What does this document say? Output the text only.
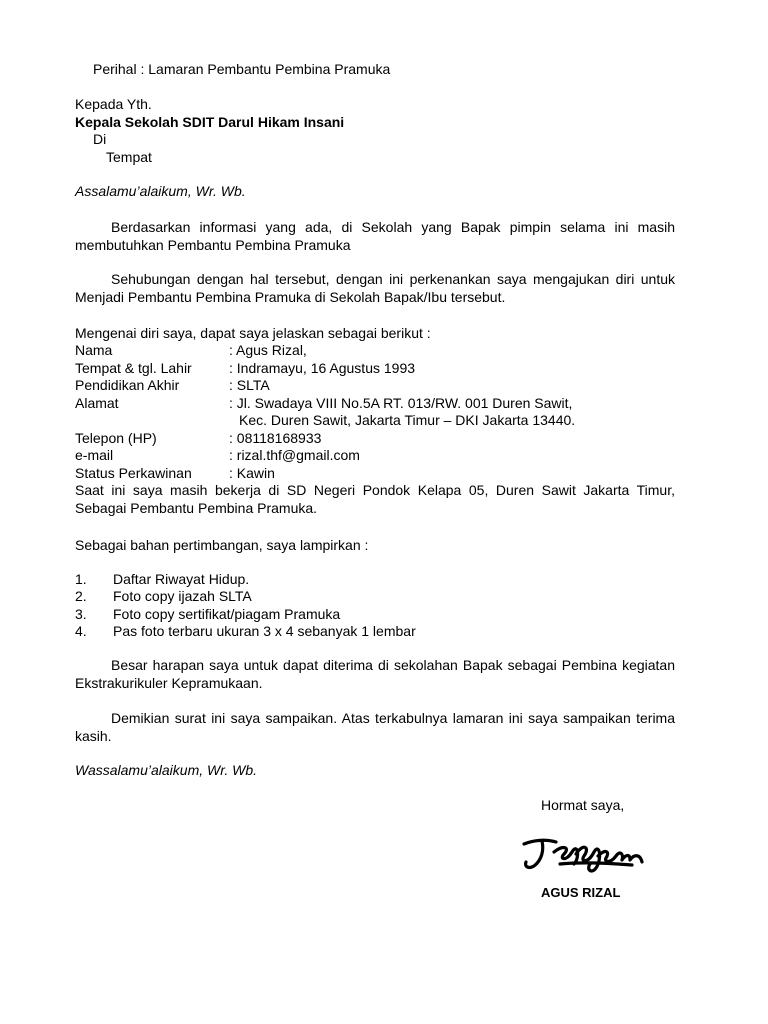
Perihal : Lamaran Pembantu Pembina Pramuka
Kepada Yth.
Kepala Sekolah SDIT Darul Hikam Insani
Di
Tempat
Assalamu’alaikum, Wr. Wb.
Berdasarkan informasi yang ada, di Sekolah yang Bapak pimpin selama ini masih membutuhkan Pembantu Pembina Pramuka
Sehubungan dengan hal tersebut, dengan ini perkenankan saya mengajukan diri untuk Menjadi Pembantu Pembina Pramuka di Sekolah Bapak/Ibu tersebut.
Mengenai diri saya, dapat saya jelaskan sebagai berikut :
Nama	: Agus Rizal,
Tempat & tgl. Lahir	: Indramayu, 16 Agustus 1993
Pendidikan Akhir	: SLTA
Alamat	: Jl. Swadaya VIII No.5A RT. 013/RW. 001 Duren Sawit,
Kec. Duren Sawit, Jakarta Timur – DKI Jakarta 13440.
Telepon (HP)	: 08118168933
e-mail	: rizal.thf@gmail.com
Status Perkawinan	: Kawin
Saat ini saya masih bekerja di SD Negeri Pondok Kelapa 05, Duren Sawit Jakarta Timur, Sebagai Pembantu Pembina Pramuka.
Sebagai bahan pertimbangan, saya lampirkan :
1. Daftar Riwayat Hidup.
2. Foto copy ijazah SLTA
3. Foto copy sertifikat/piagam Pramuka
4. Pas foto terbaru ukuran 3 x 4 sebanyak 1 lembar
Besar harapan saya untuk dapat diterima di sekolahan Bapak sebagai Pembina kegiatan Ekstrakurikuler Kepramukaan.
Demikian surat ini saya sampaikan. Atas terkabulnya lamaran ini saya sampaikan terima kasih.
Wassalamu’alaikum, Wr. Wb.
Hormat saya,
AGUS RIZAL
